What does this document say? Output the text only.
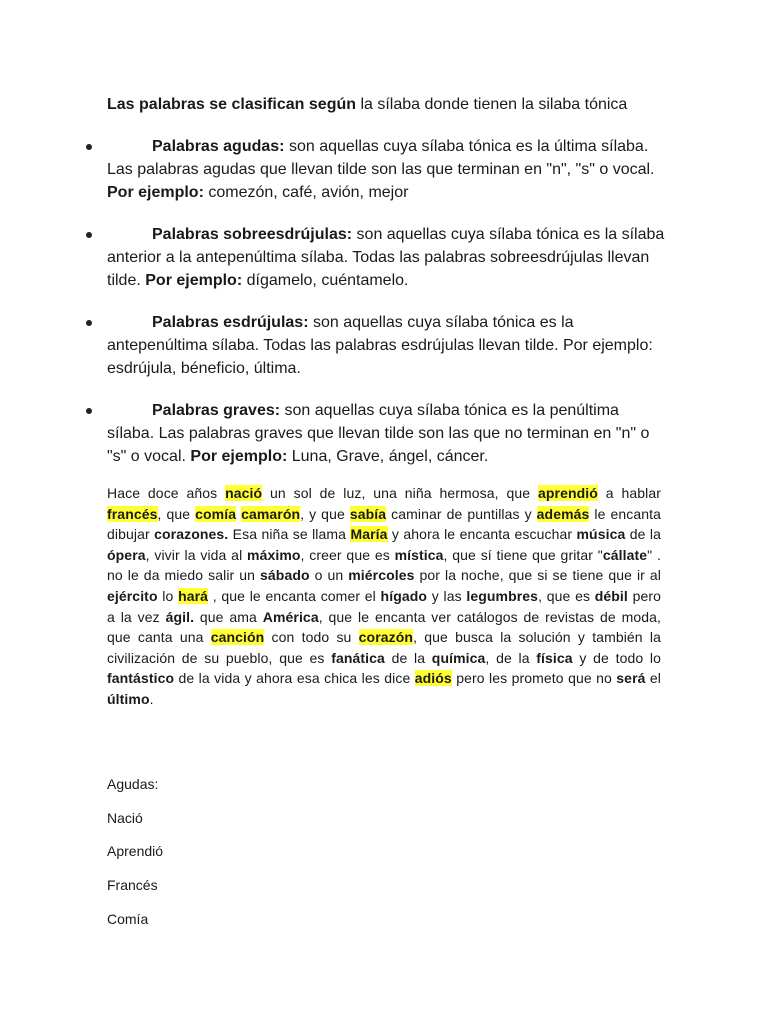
Las palabras se clasifican según la sílaba donde tienen la silaba tónica
Palabras agudas: son aquellas cuya sílaba tónica es la última sílaba. Las palabras agudas que llevan tilde son las que terminan en "n", "s" o vocal. Por ejemplo: comezón, café, avión, mejor
Palabras sobreesdrújulas: son aquellas cuya sílaba tónica es la sílaba anterior a la antepenúltima sílaba. Todas las palabras sobreesdrújulas llevan tilde. Por ejemplo: dígamelo, cuéntamelo.
Palabras esdrújulas: son aquellas cuya sílaba tónica es la antepenúltima sílaba. Todas las palabras esdrújulas llevan tilde. Por ejemplo: esdrújula, béneficio, última.
Palabras graves: son aquellas cuya sílaba tónica es la penúltima sílaba. Las palabras graves que llevan tilde son las que no terminan en "n" o "s" o vocal. Por ejemplo: Luna, Grave, ángel, cáncer.
Hace doce años nació un sol de luz, una niña hermosa, que aprendió a hablar francés, que comía camarón, y que sabía caminar de puntillas y además le encanta dibujar corazones. Esa niña se llama María y ahora le encanta escuchar música de la ópera, vivir la vida al máximo, creer que es mística, que sí tiene que gritar "cállate" . no le da miedo salir un sábado o un miércoles por la noche, que si se tiene que ir al ejército lo hará , que le encanta comer el hígado y las legumbres, que es débil pero a la vez ágil. que ama América, que le encanta ver catálogos de revistas de moda, que canta una canción con todo su corazón, que busca la solución y también la civilización de su pueblo, que es fanática de la química, de la física y de todo lo fantástico de la vida y ahora esa chica les dice adiós pero les prometo que no será el último.
Agudas:
Nació
Aprendió
Francés
Comía
